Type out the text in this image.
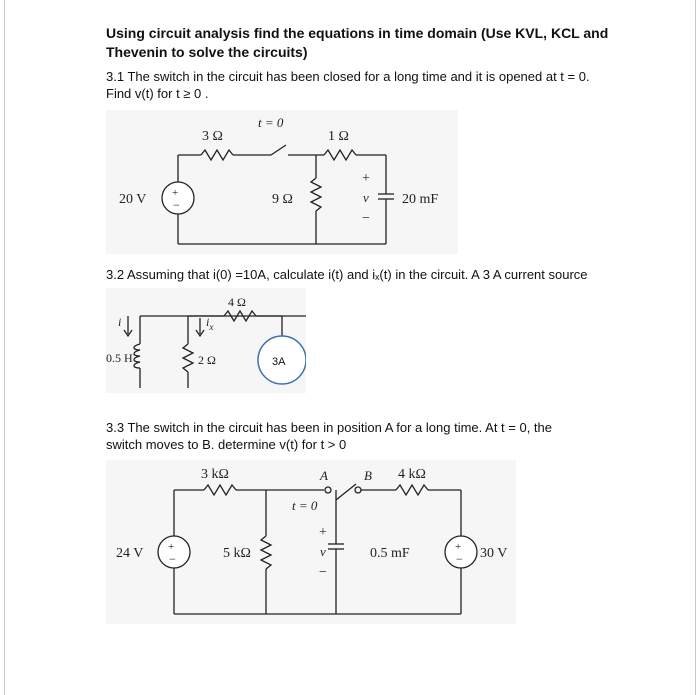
Using circuit analysis find the equations in time domain (Use KVL, KCL and Thevenin to solve the circuits)
3.1 The switch in the circuit has been closed for a long time and it is opened at t = 0.
Find v(t) for t ≥ 0 .
+
−
20 V
3 Ω
t = 0
1 Ω
9 Ω
+
v
−
20 mF
3.2 Assuming that i(0) =10A, calculate i(t) and iₓ(t) in the circuit. A 3 A current source
3A
i	$i_x$
0.5 H	2 Ω
4 Ω
3.3 The switch in the circuit has been in position A for a long time. At t = 0, the
switch moves to B. determine v(t) for t > 0
+
−
+
−
24 V
3 kΩ
5 kΩ
A	B
t = 0
4 kΩ
+
v
−
0.5 mF	30 V
